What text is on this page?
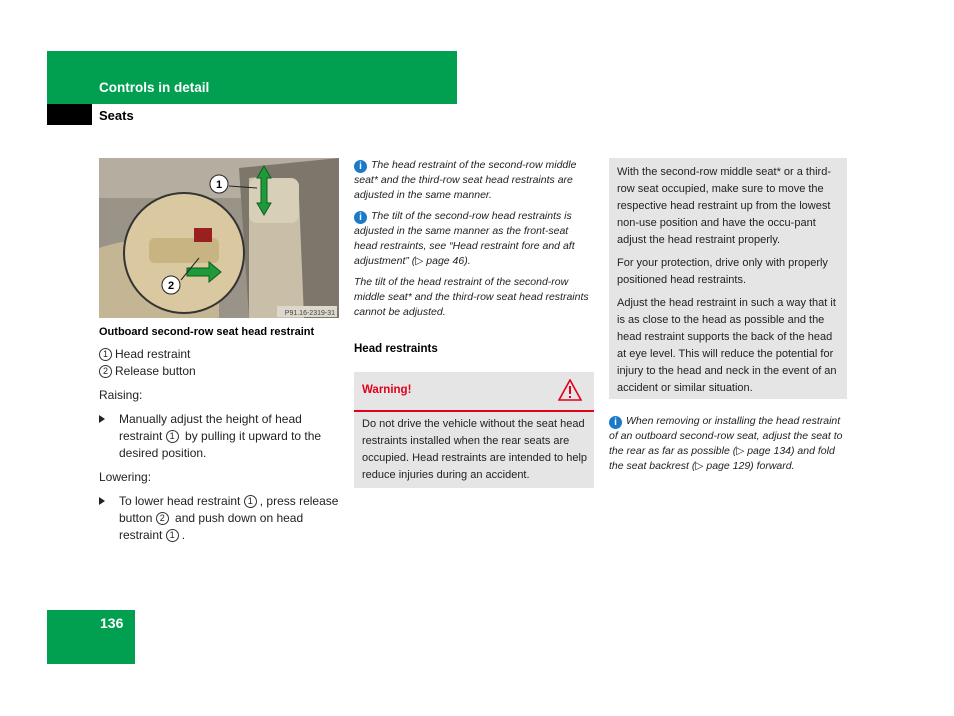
Controls in detail
Seats
1
2
P91.16-2319-31
Outboard second-row seat head restraint
1 Head restraint
2 Release button
Raising:
Manually adjust the height of head restraint 1 by pulling it upward to the desired position.
Lowering:
To lower head restraint 1 , press release button 2 and push down on head restraint 1 .

i The head restraint of the second-row middle seat* and the third-row seat head restraints are adjusted in the same manner.

i The tilt of the second-row head restraints is adjusted in the same manner as the front-seat head restraints, see “Head restraint fore and aft adjustment” (▷ page 46).

The tilt of the head restraint of the second-row middle seat* and the third-row seat head restraints cannot be adjusted.

Head restraints
Warning!
Do not drive the vehicle without the seat head restraints installed when the rear seats are occupied. Head restraints are intended to help reduce injuries during an accident.

With the second-row middle seat* or a third-row seat occupied, make sure to move the respective head restraint up from the lowest non-use position and have the occu-pant adjust the head restraint properly.

For your protection, drive only with properly positioned head restraints.

Adjust the head restraint in such a way that it is as close to the head as possible and the head restraint supports the back of the head at eye level. This will reduce the potential for injury to the head and neck in the event of an accident or similar situation.

i When removing or installing the head restraint of an outboard second-row seat, adjust the seat to the rear as far as possible (▷ page 134) and fold the seat backrest (▷ page 129) forward.
136
